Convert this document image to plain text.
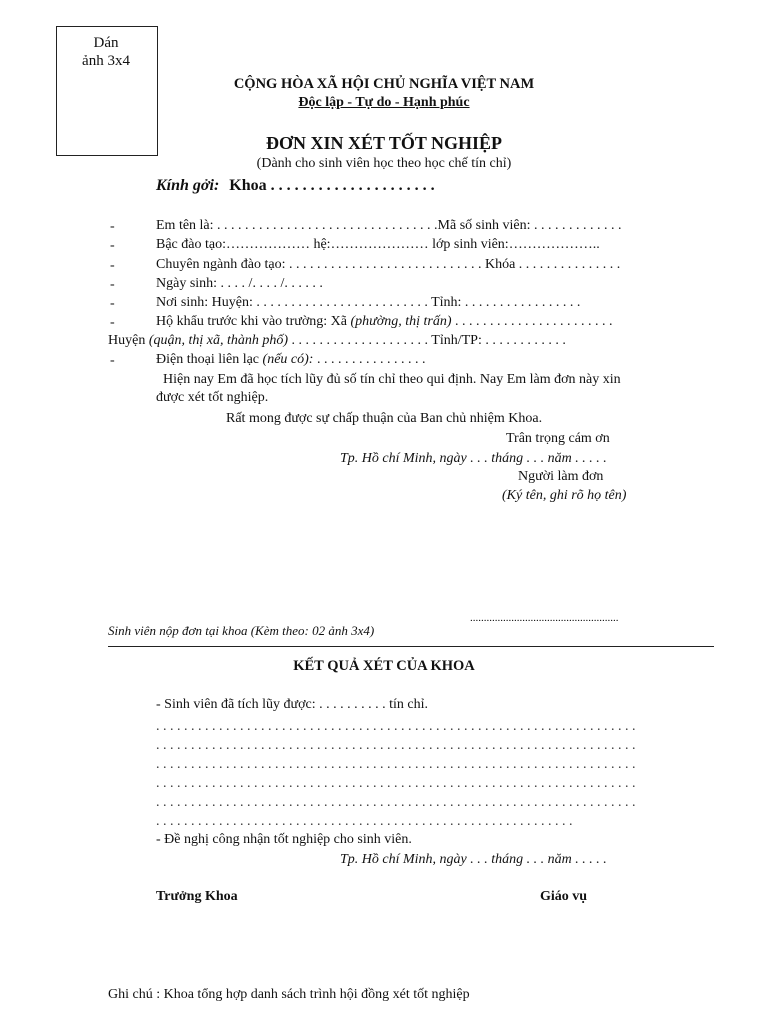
Dán
ảnh 3x4
CỘNG HÒA XÃ HỘI CHỦ NGHĨA VIỆT NAM
Độc lập - Tự do - Hạnh phúc
ĐƠN XIN XÉT TỐT NGHIỆP
(Dành cho sinh viên học theo học chế tín chỉ)
Kính gởi: Khoa . . . . . . . . . . . . . . . . . . . . .
-	Em tên là: . . . . . . . . . . . . . . . . . . . . . . . . . . . . . . . .Mã số sinh viên: . . . . . . . . . . . . .
-	Bậc đào tạo:……………… hệ:………………… lớp sinh viên:………………..
-	Chuyên ngành đào tạo: . . . . . . . . . . . . . . . . . . . . . . . . . . . . Khóa . . . . . . . . . . . . . . .
-	Ngày sinh: . . . . /. . . . /. . . . . .
-	Nơi sinh: Huyện: . . . . . . . . . . . . . . . . . . . . . . . . . Tỉnh: . . . . . . . . . . . . . . . . .
-	Hộ khẩu trước khi vào trường: Xã (phường, thị trấn) . . . . . . . . . . . . . . . . . . . . . . .
Huyện (quận, thị xã, thành phố) . . . . . . . . . . . . . . . . . . . . Tỉnh/TP: . . . . . . . . . . . .
-	Điện thoại liên lạc (nếu có): . . . . . . . . . . . . . . . .
Hiện nay Em đã học tích lũy đủ số tín chỉ theo qui định. Nay Em làm đơn này xin
được xét tốt nghiệp.
Rất mong được sự chấp thuận của Ban chủ nhiệm Khoa.
Trân trọng cám ơn
Tp. Hồ chí Minh, ngày . . . tháng . . . năm . . . . .
Người làm đơn
(Ký tên, ghi rõ họ tên)
......................................................
Sinh viên nộp đơn tại khoa (Kèm theo: 02 ảnh 3x4)
KẾT QUẢ XÉT CỦA KHOA
- Sinh viên đã tích lũy được: . . . . . . . . . . tín chỉ.
. . . . . . . . . . . . . . . . . . . . . . . . . . . . . . . . . . . . . . . . . . . . . . . . . . . . . . . . . . . . . . . . . . . . .
. . . . . . . . . . . . . . . . . . . . . . . . . . . . . . . . . . . . . . . . . . . . . . . . . . . . . . . . . . . . . . . . . . . . .
. . . . . . . . . . . . . . . . . . . . . . . . . . . . . . . . . . . . . . . . . . . . . . . . . . . . . . . . . . . . . . . . . . . . .
. . . . . . . . . . . . . . . . . . . . . . . . . . . . . . . . . . . . . . . . . . . . . . . . . . . . . . . . . . . . . . . . . . . . .
. . . . . . . . . . . . . . . . . . . . . . . . . . . . . . . . . . . . . . . . . . . . . . . . . . . . . . . . . . . . . . . . . . . . .
. . . . . . . . . . . . . . . . . . . . . . . . . . . . . . . . . . . . . . . . . . . . . . . . . . . . . . . . . . . .
- Đề nghị công nhận tốt nghiệp cho sinh viên.
Tp. Hồ chí Minh, ngày . . . tháng . . . năm . . . . .
Trưởng Khoa	Giáo vụ
Ghi chú : Khoa tổng hợp danh sách trình hội đồng xét tốt nghiệp
